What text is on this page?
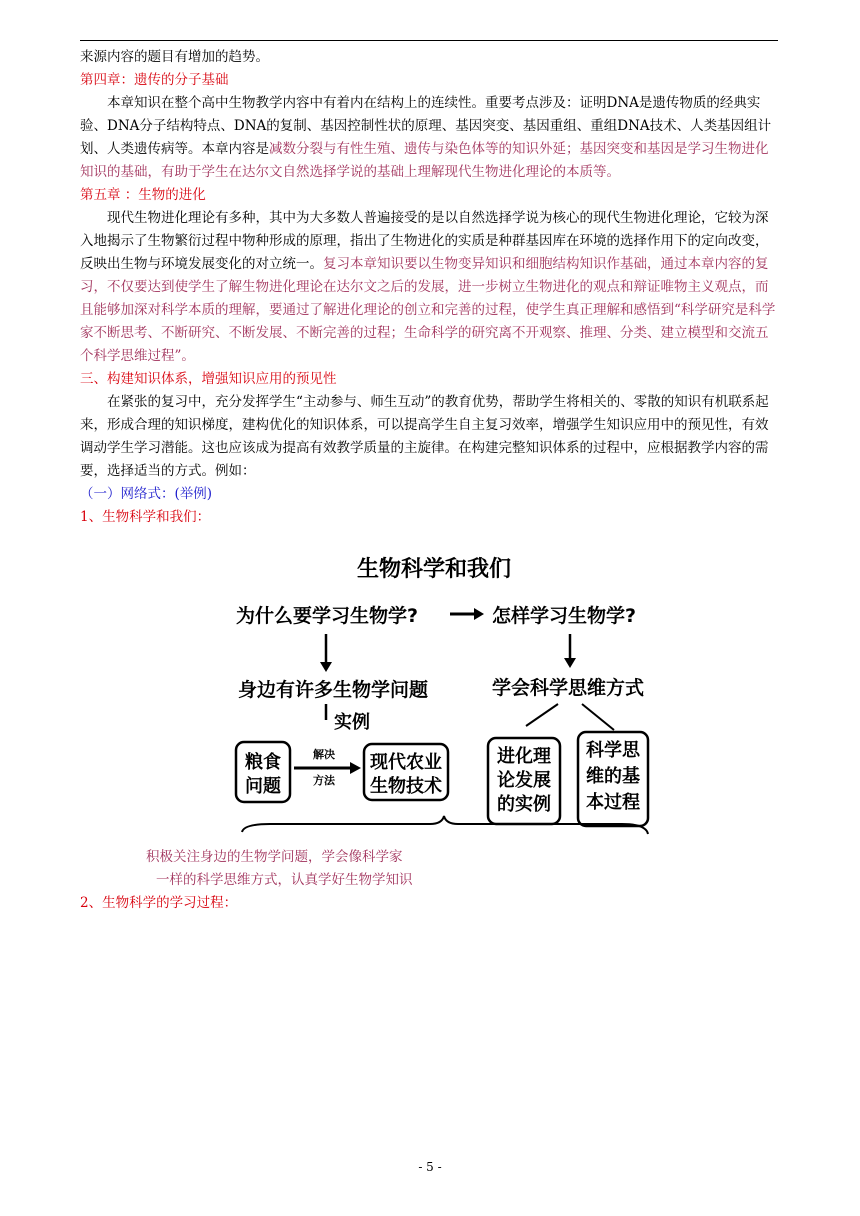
来源内容的题目有增加的趋势。

第四章：遗传的分子基础

本章知识在整个高中生物教学内容中有着内在结构上的连续性。重要考点涉及：证明DNA是遗传物质的经典实验、DNA分子结构特点、DNA的复制、基因控制性状的原理、基因突变、基因重组、重组DNA技术、人类基因组计划、人类遗传病等。本章内容是减数分裂与有性生殖、遗传与染色体等的知识外延；基因突变和基因是学习生物进化知识的基础，有助于学生在达尔文自然选择学说的基础上理解现代生物进化理论的本质等。

第五章 ：生物的进化

现代生物进化理论有多种，其中为大多数人普遍接受的是以自然选择学说为核心的现代生物进化理论，它较为深入地揭示了生物繁衍过程中物种形成的原理，指出了生物进化的实质是种群基因库在环境的选择作用下的定向改变，反映出生物与环境发展变化的对立统一。复习本章知识要以生物变异知识和细胞结构知识作基础，通过本章内容的复习，不仅要达到使学生了解生物进化理论在达尔文之后的发展，进一步树立生物进化的观点和辩证唯物主义观点，而且能够加深对科学本质的理解，要通过了解进化理论的创立和完善的过程，使学生真正理解和感悟到“科学研究是科学家不断思考、不断研究、不断发展、不断完善的过程；生命科学的研究离不开观察、推理、分类、建立模型和交流五个科学思维过程”。

三、构建知识体系，增强知识应用的预见性

在紧张的复习中，充分发挥学生“主动参与、师生互动”的教育优势，帮助学生将相关的、零散的知识有机联系起来，形成合理的知识梯度，建构优化的知识体系，可以提高学生自主复习效率，增强学生知识应用中的预见性，有效调动学生学习潜能。这也应该成为提高有效教学质量的主旋律。在构建完整知识体系的过程中，应根据教学内容的需要，选择适当的方式。例如：

（一）网络式：(举例)

1、生物科学和我们：

生物科学和我们
为什么要学习生物学?	怎样学习生物学?
身边有许多生物学问题	学会科学思维方式
实例
粮食
问题
解决
方法
现代农业
生物技术
进化理
论发展
的实例
科学思
维的基
本过程
积极关注身边的生物学问题，学会像科学家
一样的科学思维方式，认真学好生物学知识
2、生物科学的学习过程：
- 5 -
